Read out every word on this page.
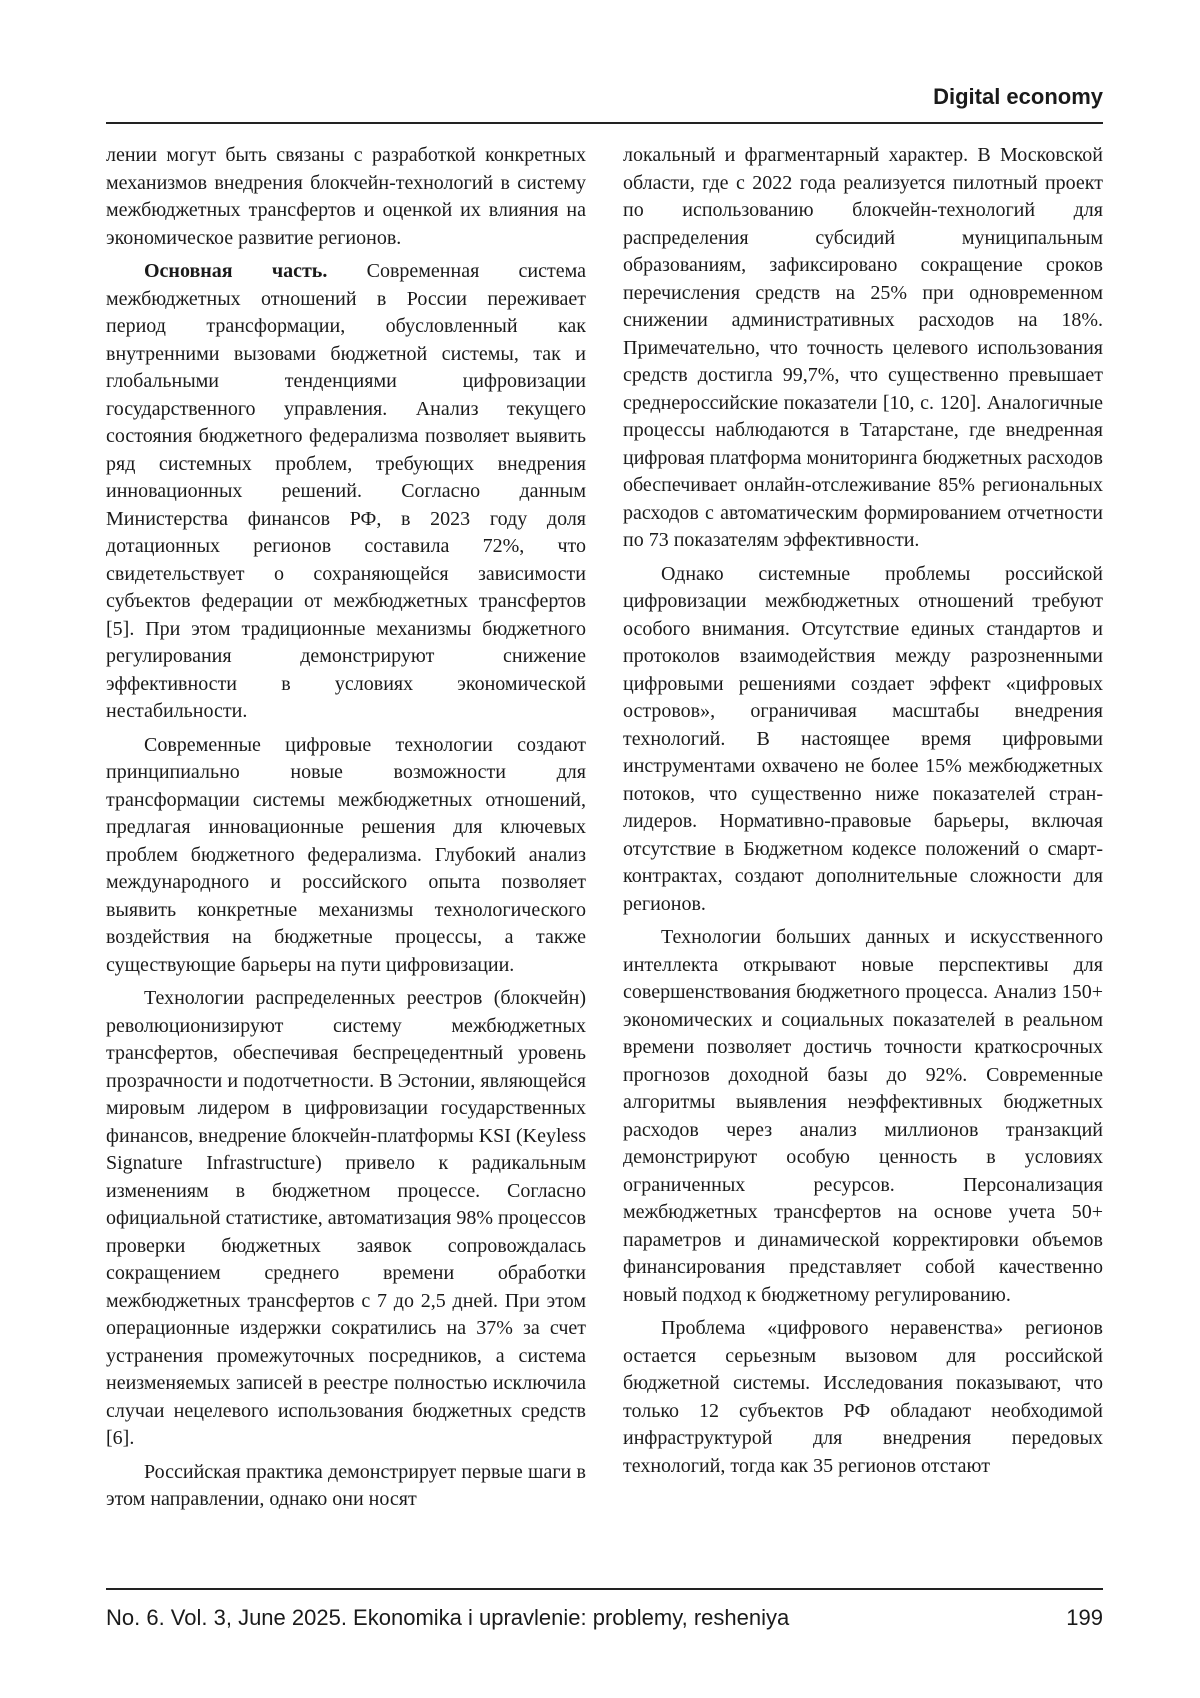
Digital economy

лении могут быть связаны с разработкой конкретных механизмов внедрения блокчейн-технологий в систему межбюджетных трансфертов и оценкой их влияния на экономическое развитие регионов.

Основная часть. Современная система межбюджетных отношений в России переживает период трансформации, обусловленный как внутренними вызовами бюджетной системы, так и глобальными тенденциями цифровизации государственного управления. Анализ текущего состояния бюджетного федерализма позволяет выявить ряд системных проблем, требующих внедрения инновационных решений. Согласно данным Министерства финансов РФ, в 2023 году доля дотационных регионов составила 72%, что свидетельствует о сохраняющейся зависимости субъектов федерации от межбюджетных трансфертов [5]. При этом традиционные механизмы бюджетного регулирования демонстрируют снижение эффективности в условиях экономической нестабильности.

Современные цифровые технологии создают принципиально новые возможности для трансформации системы межбюджетных отношений, предлагая инновационные решения для ключевых проблем бюджетного федерализма. Глубокий анализ международного и российского опыта позволяет выявить конкретные механизмы технологического воздействия на бюджетные процессы, а также существующие барьеры на пути цифровизации.

Технологии распределенных реестров (блокчейн) революционизируют систему межбюджетных трансфертов, обеспечивая беспрецедентный уровень прозрачности и подотчетности. В Эстонии, являющейся мировым лидером в цифровизации государственных финансов, внедрение блокчейн-платформы KSI (Keyless Signature Infrastructure) привело к радикальным изменениям в бюджетном процессе. Согласно официальной статистике, автоматизация 98% процессов проверки бюджетных заявок сопровождалась сокращением среднего времени обработки межбюджетных трансфертов с 7 до 2,5 дней. При этом операционные издержки сократились на 37% за счет устранения промежуточных посредников, а система неизменяемых записей в реестре полностью исключила случаи нецелевого использования бюджетных средств [6].

Российская практика демонстрирует первые шаги в этом направлении, однако они носят

локальный и фрагментарный характер. В Московской области, где с 2022 года реализуется пилотный проект по использованию блокчейн-технологий для распределения субсидий муниципальным образованиям, зафиксировано сокращение сроков перечисления средств на 25% при одновременном снижении административных расходов на 18%. Примечательно, что точность целевого использования средств достигла 99,7%, что существенно превышает среднероссийские показатели [10, с. 120]. Аналогичные процессы наблюдаются в Татарстане, где внедренная цифровая платформа мониторинга бюджетных расходов обеспечивает онлайн-отслеживание 85% региональных расходов с автоматическим формированием отчетности по 73 показателям эффективности.

Однако системные проблемы российской цифровизации межбюджетных отношений требуют особого внимания. Отсутствие единых стандартов и протоколов взаимодействия между разрозненными цифровыми решениями создает эффект «цифровых островов», ограничивая масштабы внедрения технологий. В настоящее время цифровыми инструментами охвачено не более 15% межбюджетных потоков, что существенно ниже показателей стран-лидеров. Нормативно-правовые барьеры, включая отсутствие в Бюджетном кодексе положений о смарт-контрактах, создают дополнительные сложности для регионов.

Технологии больших данных и искусственного интеллекта открывают новые перспективы для совершенствования бюджетного процесса. Анализ 150+ экономических и социальных показателей в реальном времени позволяет достичь точности краткосрочных прогнозов доходной базы до 92%. Современные алгоритмы выявления неэффективных бюджетных расходов через анализ миллионов транзакций демонстрируют особую ценность в условиях ограниченных ресурсов. Персонализация межбюджетных трансфертов на основе учета 50+ параметров и динамической корректировки объемов финансирования представляет собой качественно новый подход к бюджетному регулированию.

Проблема «цифрового неравенства» регионов остается серьезным вызовом для российской бюджетной системы. Исследования показывают, что только 12 субъектов РФ обладают необходимой инфраструктурой для внедрения передовых технологий, тогда как 35 регионов отстают

No. 6. Vol. 3, June 2025. Ekonomika i upravlenie: problemy, resheniya	199
